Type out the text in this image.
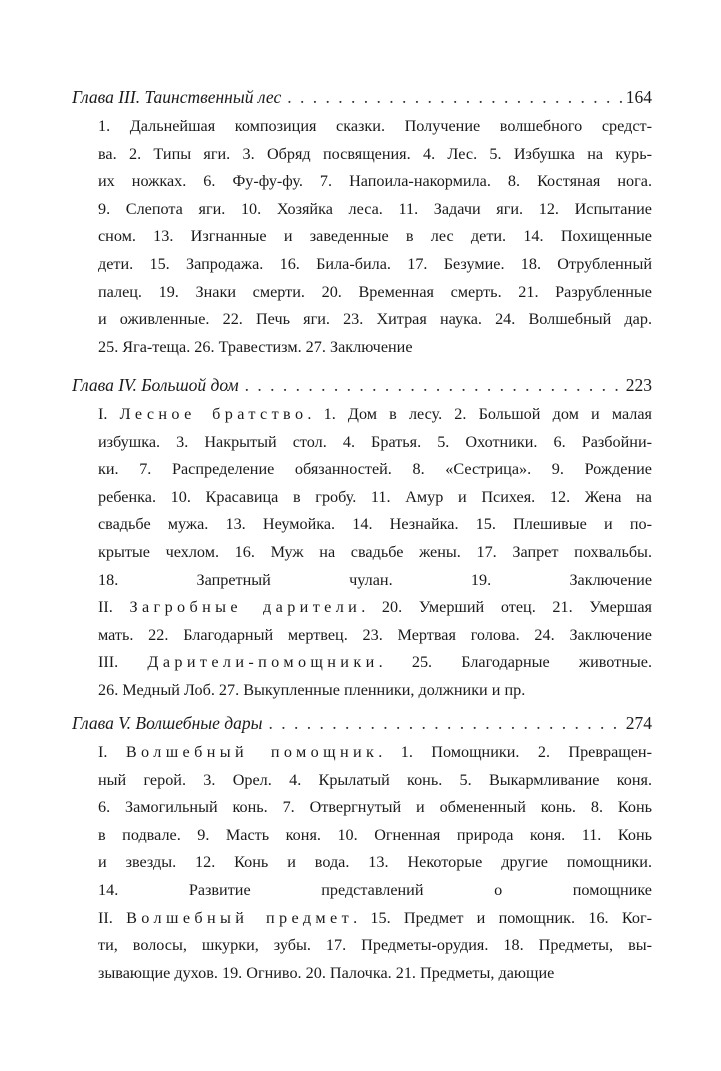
Глава III. Таинственный лес . . .	164
1. Дальнейшая композиция сказки. Получение волшебного средст-
ва. 2. Типы яги. 3. Обряд посвящения. 4. Лес. 5. Избушка на курь-
их ножках. 6. Фу-фу-фу. 7. Напоила-накормила. 8. Костяная нога.
9. Слепота яги. 10. Хозяйка леса. 11. Задачи яги. 12. Испытание
сном. 13. Изгнанные и заведенные в лес дети. 14. Похищенные
дети. 15. Запродажа. 16. Била-била. 17. Безумие. 18. Отрубленный
палец. 19. Знаки смерти. 20. Временная смерть. 21. Разрубленные
и оживленные. 22. Печь яги. 23. Хитрая наука. 24. Волшебный дар.
25. Яга-теща. 26. Травестизм. 27. Заключение
Глава IV. Большой дом . . .	223
I. Лесное братство. 1. Дом в лесу. 2. Большой дом и малая
избушка. 3. Накрытый стол. 4. Братья. 5. Охотники. 6. Разбойни-
ки. 7. Распределение обязанностей. 8. «Сестрица». 9. Рождение
ребенка. 10. Красавица в гробу. 11. Амур и Психея. 12. Жена на
свадьбе мужа. 13. Неумойка. 14. Незнайка. 15. Плешивые и по-
крытые чехлом. 16. Муж на свадьбе жены. 17. Запрет похвальбы.
18. Запретный чулан. 19. Заключение
II. Загробные дарители. 20. Умерший отец. 21. Умершая
мать. 22. Благодарный мертвец. 23. Мертвая голова. 24. Заключение
III. Дарители-помощники. 25. Благодарные животные.
26. Медный Лоб. 27. Выкупленные пленники, должники и пр.
Глава V. Волшебные дары . . .	274
I. Волшебный помощник. 1. Помощники. 2. Превращен-
ный герой. 3. Орел. 4. Крылатый конь. 5. Выкармливание коня.
6. Замогильный конь. 7. Отвергнутый и обмененный конь. 8. Конь
в подвале. 9. Масть коня. 10. Огненная природа коня. 11. Конь
и звезды. 12. Конь и вода. 13. Некоторые другие помощники.
14. Развитие представлений о помощнике
II. Волшебный предмет. 15. Предмет и помощник. 16. Ког-
ти, волосы, шкурки, зубы. 17. Предметы-орудия. 18. Предметы, вы-
зывающие духов. 19. Огниво. 20. Палочка. 21. Предметы, дающие
